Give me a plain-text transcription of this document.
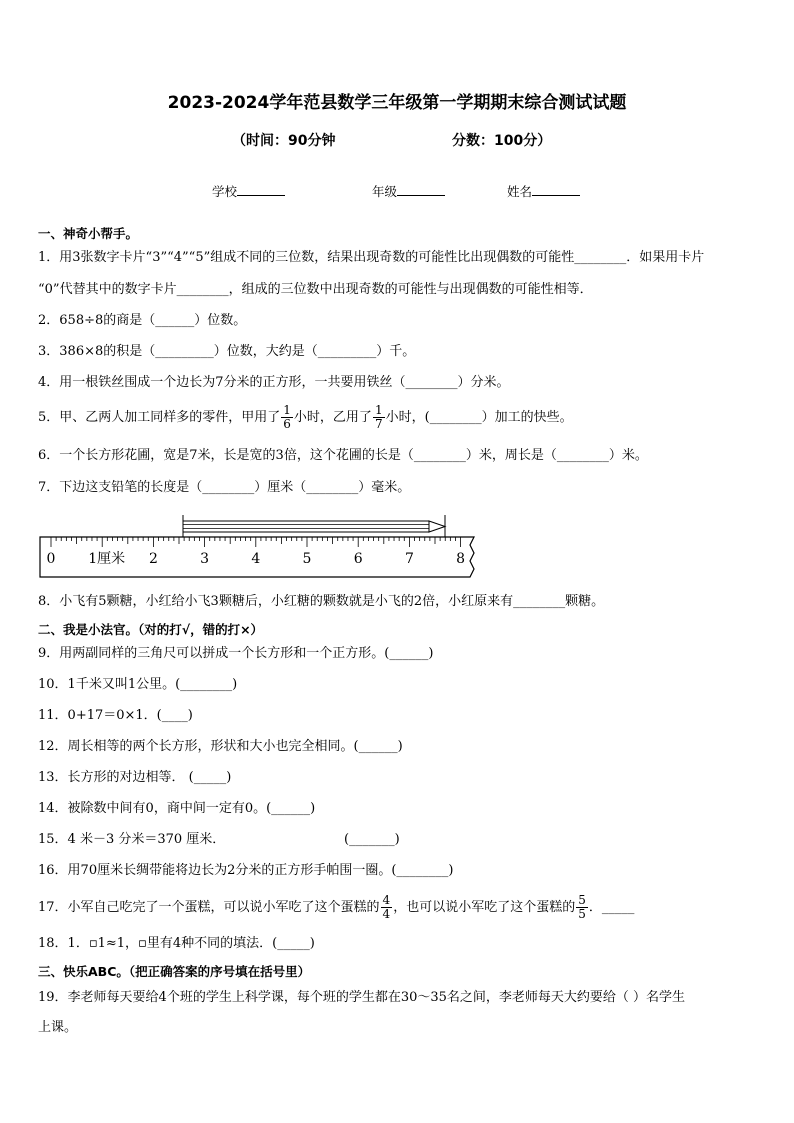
2023-2024学年范县数学三年级第一学期期末综合测试试题
（时间：90分钟	分数：100分）
学校	年级	姓名
一、神奇小帮手。
1．用3张数字卡片“3”“4”“5”组成不同的三位数，结果出现奇数的可能性比出现偶数的可能性________．如果用卡片
“0”代替其中的数字卡片________，组成的三位数中出现奇数的可能性与出现偶数的可能性相等．
2．658÷8的商是（______）位数。
3．386×8的积是（_________）位数，大约是（_________）千。
4．用一根铁丝围成一个边长为7分米的正方形，一共要用铁丝（________）分米。
5．甲、乙两人加工同样多的零件，甲用了 $\frac{1}{6}$ 小时，乙用了 $\frac{1}{7}$ 小时，(________）加工的快些。
6．一个长方形花圃，宽是7米，长是宽的3倍，这个花圃的长是（________）米，周长是（________）米。
7．下边这支铅笔的长度是（________）厘米（________）毫米。
0 1厘米 2	3	4	5	6	7	8
8．小飞有5颗糖，小红给小飞3颗糖后，小红糖的颗数就是小飞的2倍，小红原来有________颗糖。
二、我是小法官。（对的打√，错的打×）
9．用两副同样的三角尺可以拼成一个长方形和一个正方形。(______)
10．1千米又叫1公里。(________)
11．0+17＝0×1．(____)
12．周长相等的两个长方形，形状和大小也完全相同。(______)
13．长方形的对边相等． (_____)
14．被除数中间有0，商中间一定有0。(______)
15．4 米－3 分米＝370 厘米．	(_______)
16．用70厘米长绸带能将边长为2分米的正方形手帕围一圈。(________)
17．小军自己吃完了一个蛋糕，可以说小军吃了这个蛋糕的 $\frac{4}{4}$ ，也可以说小军吃了这个蛋糕的 $\frac{5}{5}$ ．_____
18．1．▫1≈1，▫里有4种不同的填法．(_____)
三、快乐ABC。（把正确答案的序号填在括号里）
19．李老师每天要给4个班的学生上科学课，每个班的学生都在30～35名之间，李老师每天大约要给（ ）名学生
上课。
